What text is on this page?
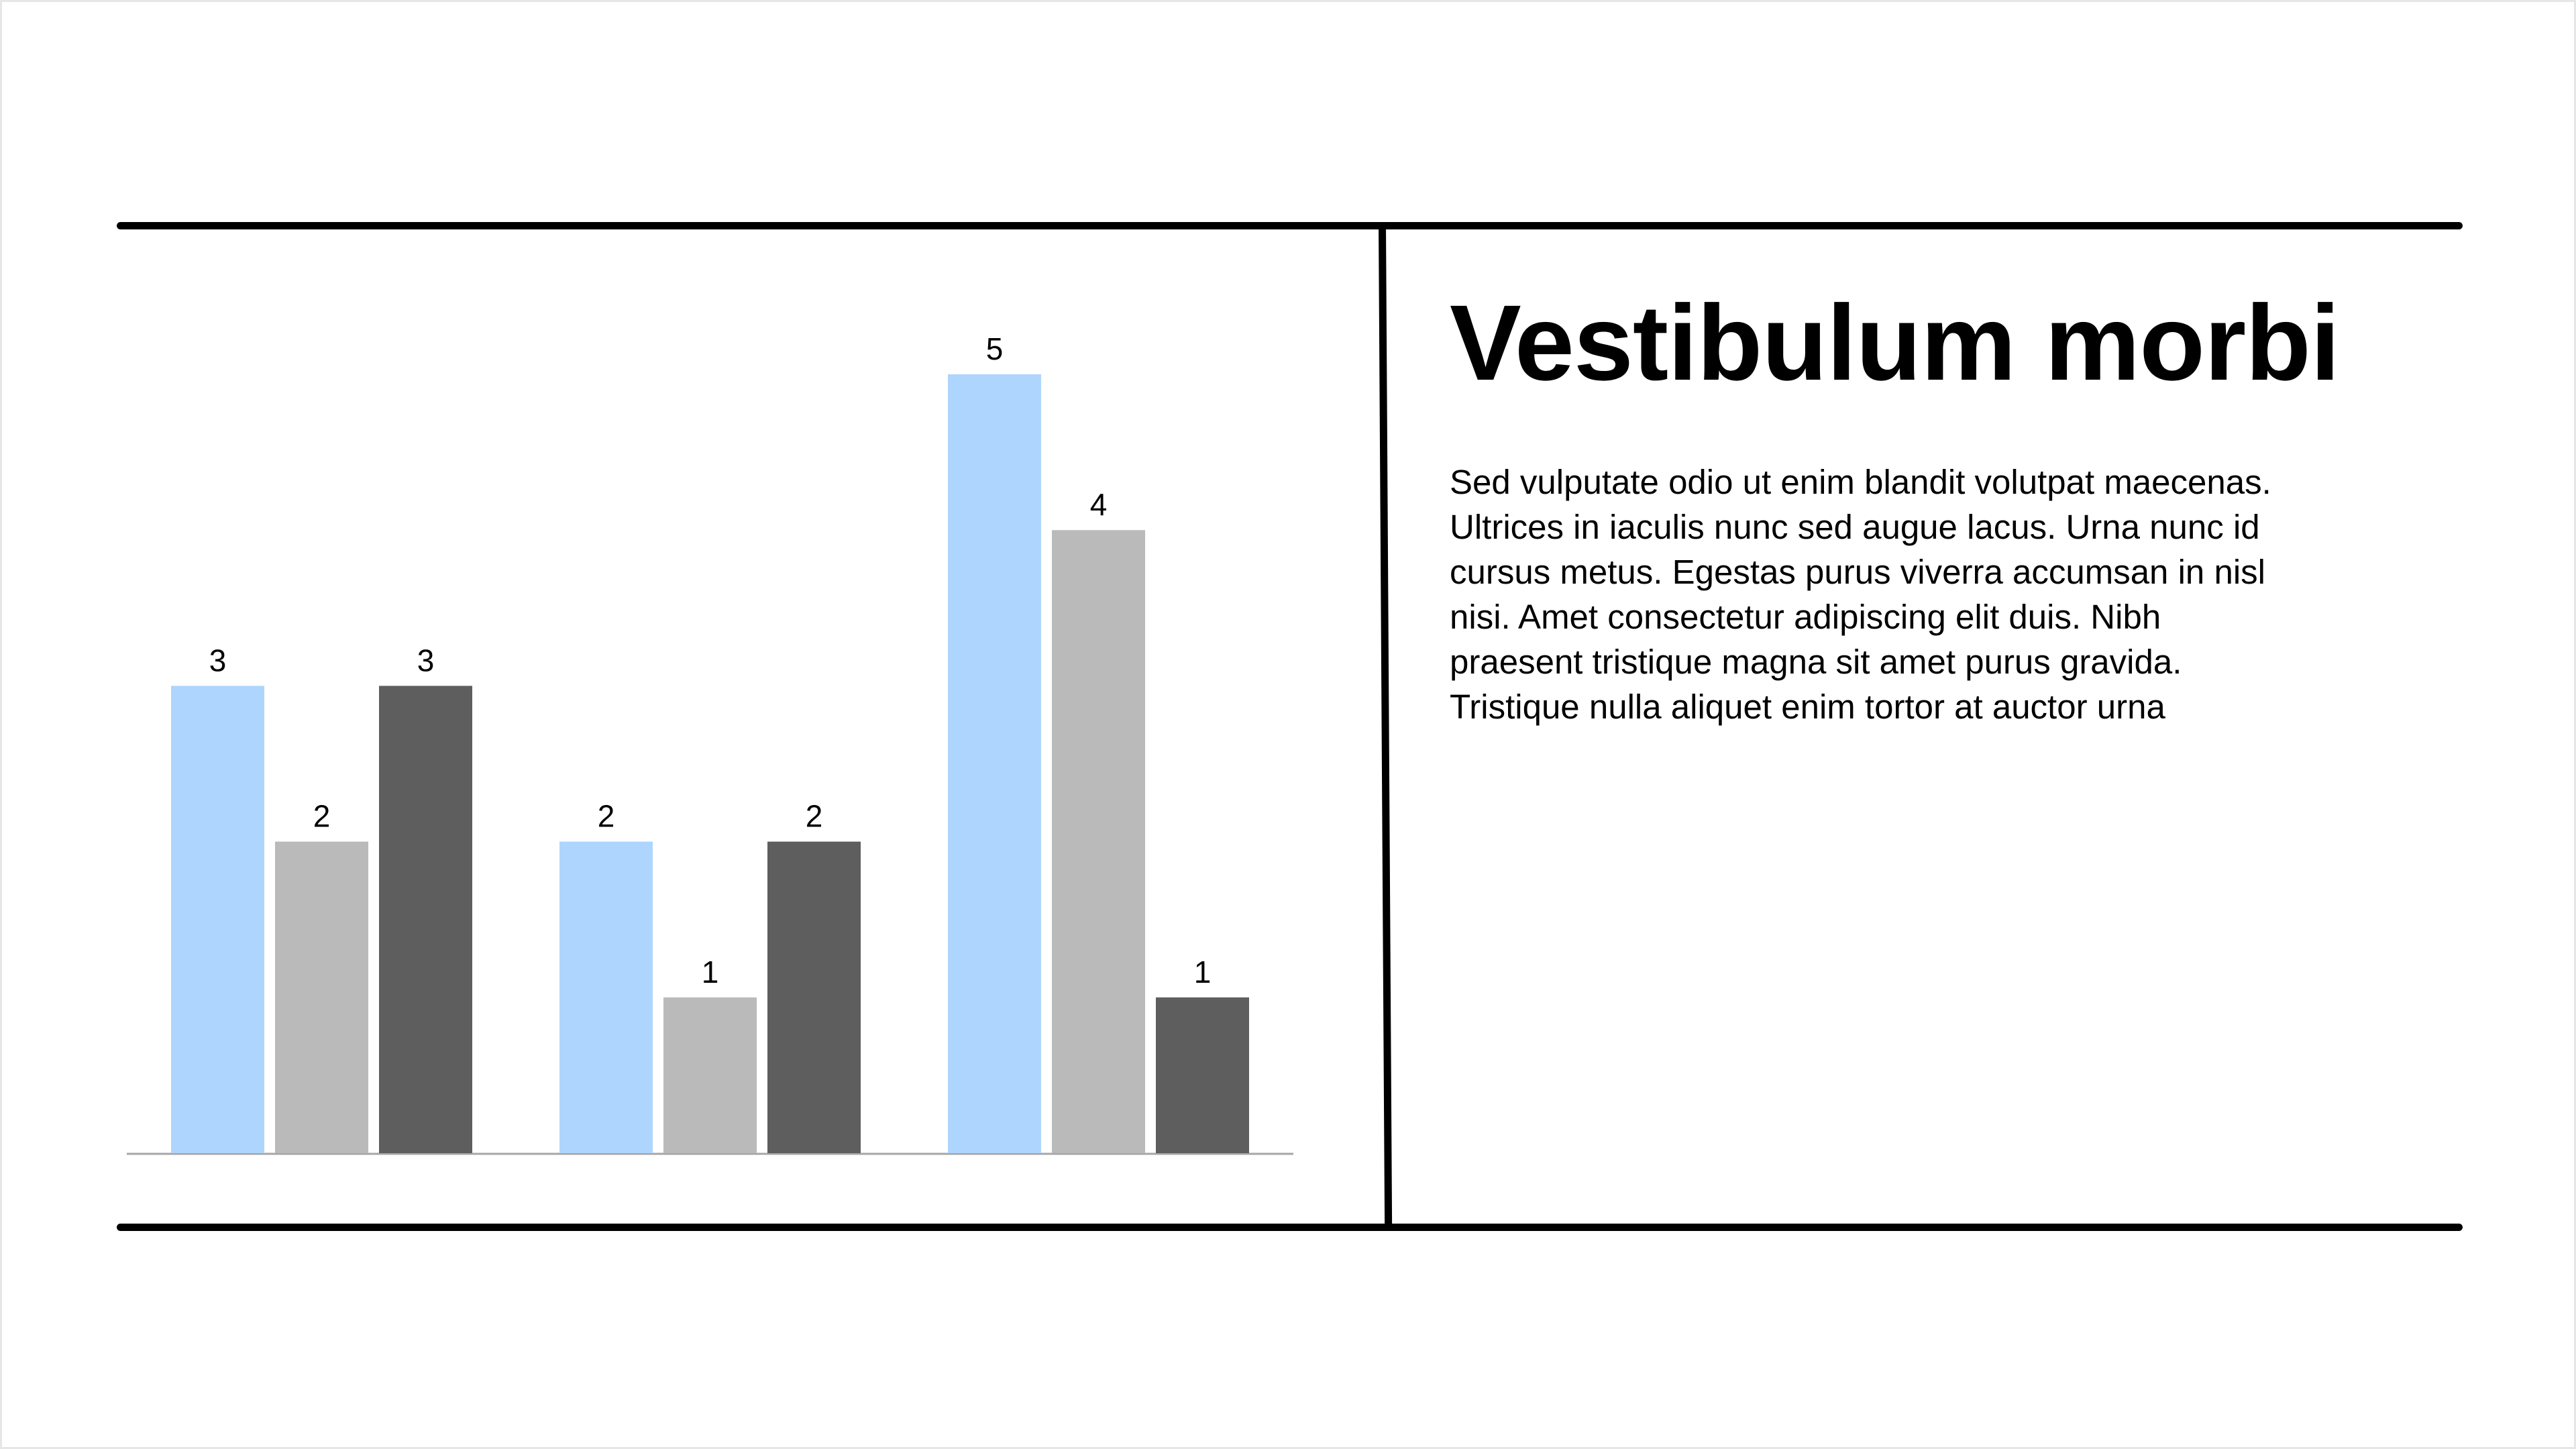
3
2
5
2
1
4
3
2
1
Vestibulum morbi

Sed vulputate odio ut enim blandit volutpat maecenas.
Ultrices in iaculis nunc sed augue lacus. Urna nunc id
cursus metus. Egestas purus viverra accumsan in nisl
nisi. Amet consectetur adipiscing elit duis. Nibh
praesent tristique magna sit amet purus gravida.
Tristique nulla aliquet enim tortor at auctor urna
